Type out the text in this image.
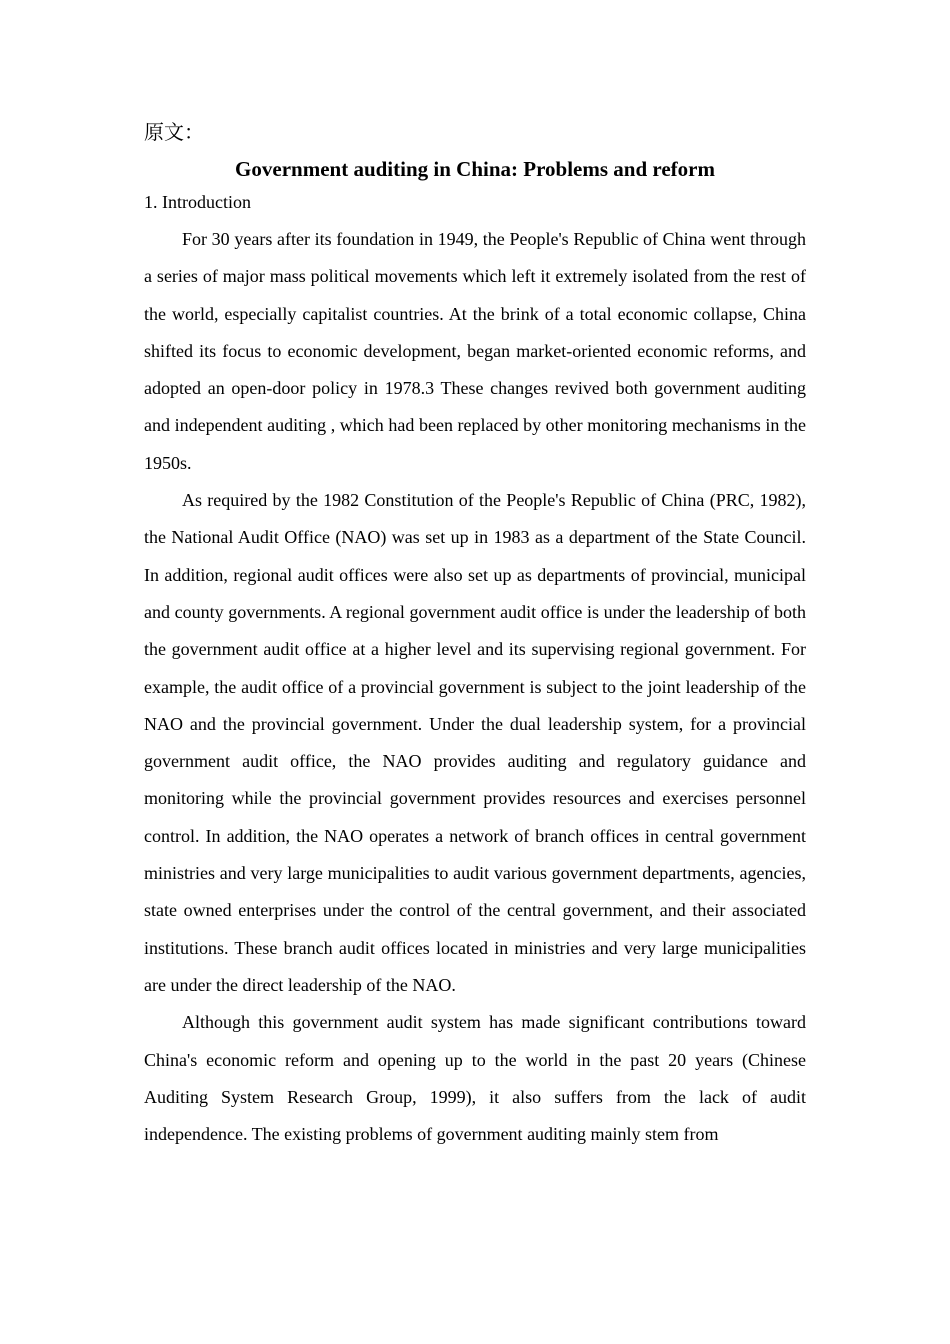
原文：
Government auditing in China: Problems and reform
1. Introduction

For 30 years after its foundation in 1949, the People's Republic of China went through a series of major mass political movements which left it extremely isolated from the rest of the world, especially capitalist countries. At the brink of a total economic collapse, China shifted its focus to economic development, began market-oriented economic reforms, and adopted an open-door policy in 1978.3 These changes revived both government auditing and independent auditing , which had been replaced by other monitoring mechanisms in the 1950s.

As required by the 1982 Constitution of the People's Republic of China (PRC, 1982), the National Audit Office (NAO) was set up in 1983 as a department of the State Council. In addition, regional audit offices were also set up as departments of provincial, municipal and county governments. A regional government audit office is under the leadership of both the government audit office at a higher level and its supervising regional government. For example, the audit office of a provincial government is subject to the joint leadership of the NAO and the provincial government. Under the dual leadership system, for a provincial government audit office, the NAO provides auditing and regulatory guidance and monitoring while the provincial government provides resources and exercises personnel control. In addition, the NAO operates a network of branch offices in central government ministries and very large municipalities to audit various government departments, agencies, state owned enterprises under the control of the central government, and their associated institutions. These branch audit offices located in ministries and very large municipalities are under the direct leadership of the NAO.

Although this government audit system has made significant contributions toward China's economic reform and opening up to the world in the past 20 years (Chinese Auditing System Research Group, 1999), it also suffers from the lack of audit independence. The existing problems of government auditing mainly stem from
